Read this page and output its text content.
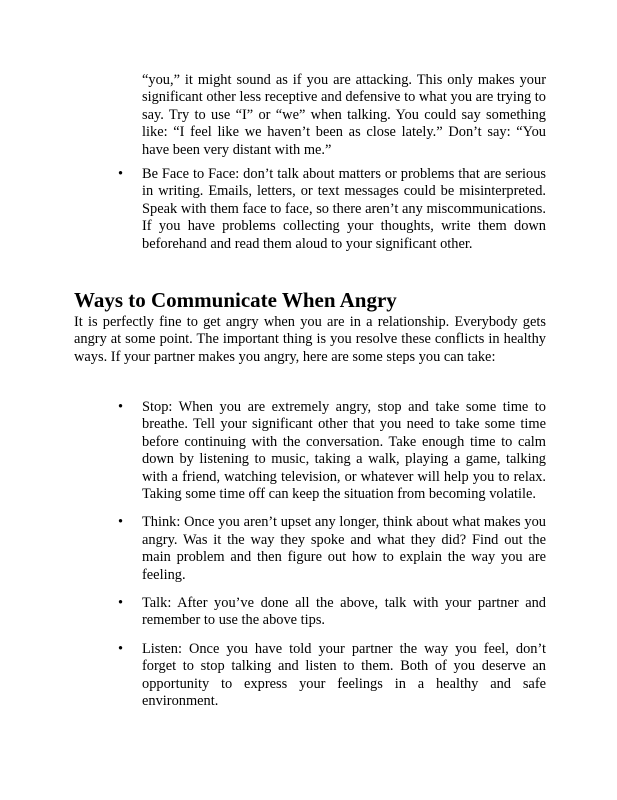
“you,” it might sound as if you are attacking. This only makes your significant other less receptive and defensive to what you are trying to say. Try to use “I” or “we” when talking. You could say something like: “I feel like we haven’t been as close lately.” Don’t say: “You have been very distant with me.”

• Be Face to Face: don’t talk about matters or problems that are serious in writing. Emails, letters, or text messages could be misinterpreted. Speak with them face to face, so there aren’t any miscommunications. If you have problems collecting your thoughts, write them down beforehand and read them aloud to your significant other.
Ways to Communicate When Angry

It is perfectly fine to get angry when you are in a relationship. Everybody gets angry at some point. The important thing is you resolve these conflicts in healthy ways. If your partner makes you angry, here are some steps you can take:

• Stop: When you are extremely angry, stop and take some time to breathe. Tell your significant other that you need to take some time before continuing with the conversation. Take enough time to calm down by listening to music, taking a walk, playing a game, talking with a friend, watching television, or whatever will help you to relax. Taking some time off can keep the situation from becoming volatile.
• Think: Once you aren’t upset any longer, think about what makes you angry. Was it the way they spoke and what they did? Find out the main problem and then figure out how to explain the way you are feeling.
• Talk: After you’ve done all the above, talk with your partner and remember to use the above tips.
• Listen: Once you have told your partner the way you feel, don’t forget to stop talking and listen to them. Both of you deserve an opportunity to express your feelings in a healthy and safe environment.
